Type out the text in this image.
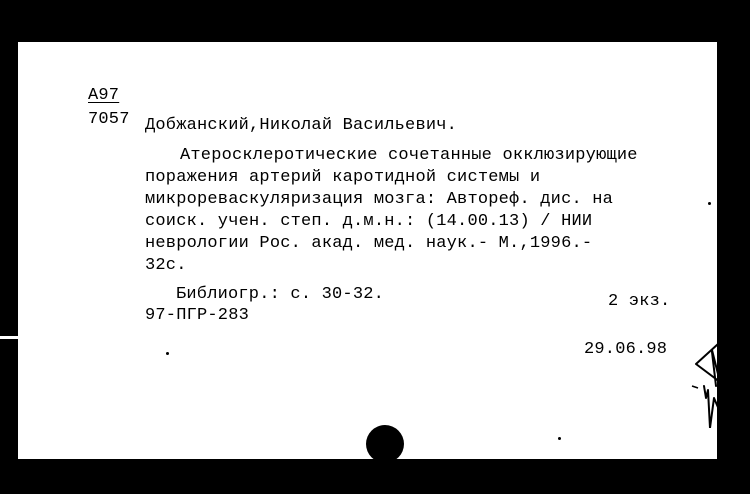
А97

7057 Добжанский,Николай Васильевич.

Атеросклеротические сочетанные окклюзирующие

поражения артерий каротидной системы и

микрореваскуляризация мозга: Автореф. дис. на

соиск. учен. степ. д.м.н.: (14.00.13) / НИИ

неврологии Рос. акад. мед. наук.- М.,1996.-

32с.

Библиогр.: с. 30-32.	2 экз.

97-ПГР-283

29.06.98
